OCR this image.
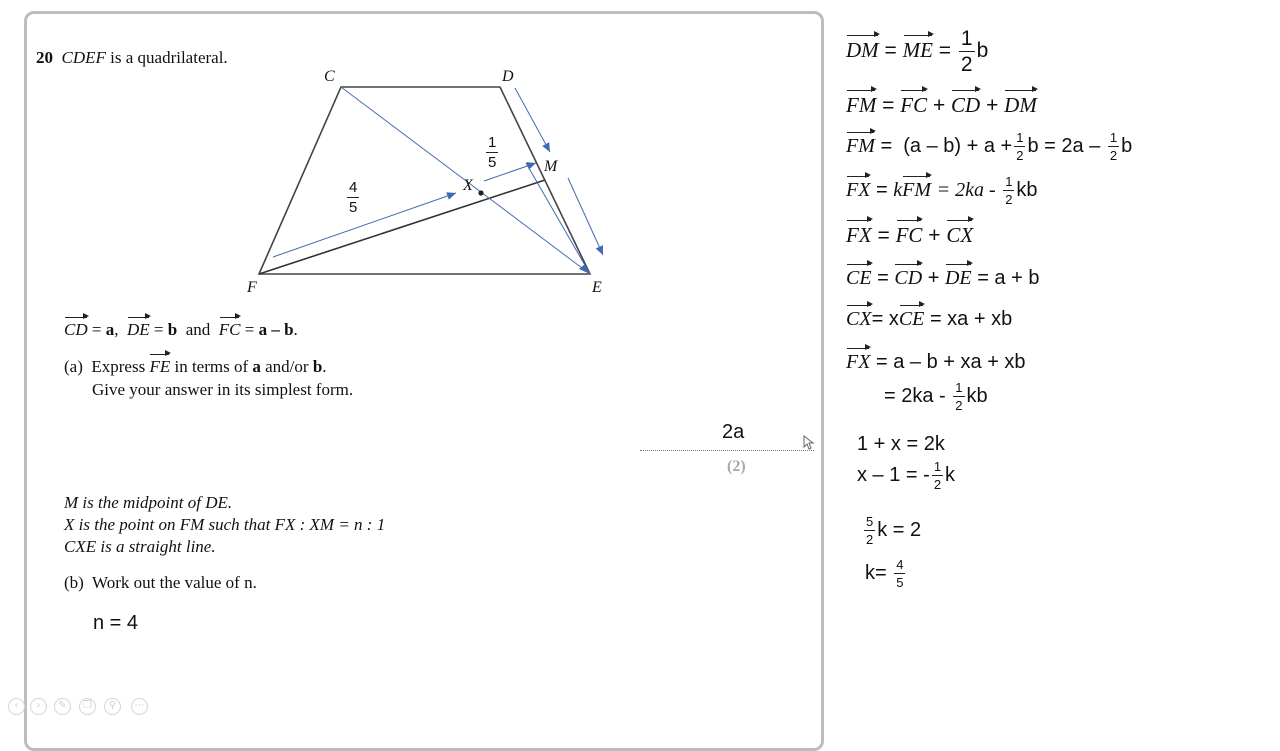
20 CDEF is a quadrilateral.
C	D
M
X
F	E
$\frac{4}{5}$
$\frac{1}{5}$
CD = a,  DE = b and FC = a – b.
(a) Express FE in terms of a and/or b.
Give your answer in its simplest form.
2a
(2)
M is the midpoint of DE.
X is the point on FM such that FX : XM = n : 1
CXE is a straight line.
(b) Work out the value of n.
n = 4
DM = ME = $\frac{1}{2}$ b
FM = FC + CD + DM
FM =  $(a - b) + a + \frac{1}{2}$ $b = 2a - \frac{1}{2}$ b
FX = kFM = $2ka - \frac{1}{2}$ kb
FX = FC + CX
CE = CD + DE = a + b
CX= xCE = xa + xb
FX = a – b + xa + xb
= $2ka - \frac{1}{2}$ kb
1 + x = 2k
x – 1 = - $\frac{1}{2}$ k
$\frac{5}{2}$ k = 2
$k= \frac{4}{5}$
‹	›	✎	❐	⚲	⋯
